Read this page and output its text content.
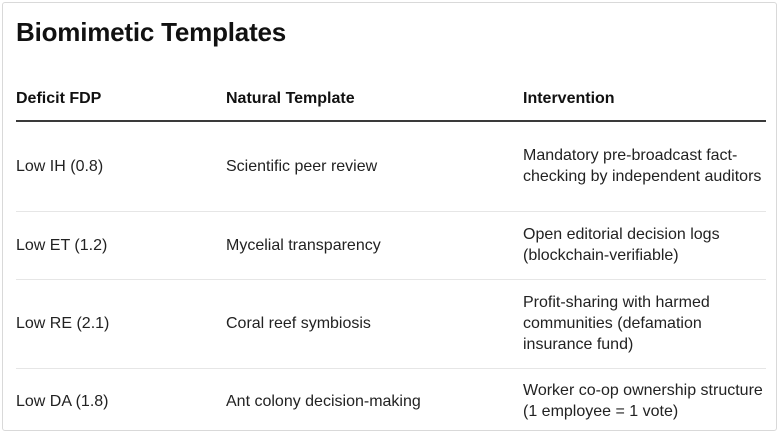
Biomimetic Templates
Deficit FDP	Natural Template	Intervention
Low IH (0.8)	Scientific peer review	Mandatory pre-broadcast fact-checking by independent auditors
Low ET (1.2)	Mycelial transparency	Open editorial decision logs (blockchain-verifiable)
Low RE (2.1)	Coral reef symbiosis	Profit-sharing with harmed communities (defamation insurance fund)
Low DA (1.8)	Ant colony decision-making	Worker co-op ownership structure (1 employee = 1 vote)
